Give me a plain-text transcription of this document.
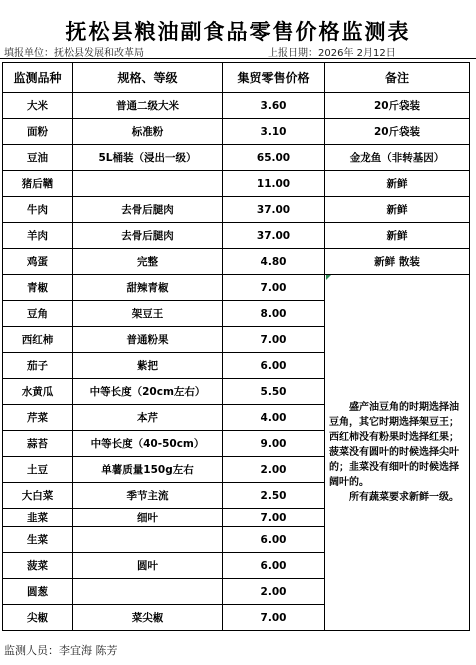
抚松县粮油副食品零售价格监测表
填报单位：抚松县发展和改革局	上报日期：2026年 2月12日
监测品种	规格、等级	集贸零售价格	备注
大米	普通二级大米	3.60	20斤袋装
面粉	标准粉	3.10	20斤袋装
豆油	5L桶装（浸出一级）	65.00	金龙鱼（非转基因）
猪后鞧		11.00	新鲜
牛肉	去骨后腿肉	37.00	新鲜
羊肉	去骨后腿肉	37.00	新鲜
鸡蛋	完整	4.80	新鲜 散装
青椒	甜辣青椒	7.00	盛产油豆角的时期选择油豆角，其它时期选择架豆王；西红柿没有粉果时选择红果；菠菜没有圆叶的时候选择尖叶的；韭菜没有细叶的时候选择阔叶的。

所有蔬菜要求新鲜一级。

豆角	架豆王	8.00	
西红柿	普通粉果	7.00	
茄子	紫把	6.00	
水黄瓜	中等长度（20cm左右）	5.50	
芹菜	本芹	4.00	
蒜苔	中等长度（40-50cm）	9.00	
土豆	单薯质量150g左右	2.00	
大白菜	季节主流	2.50	
韭菜	细叶	7.00	
生菜		6.00	
菠菜	圆叶	6.00	
圆葱		2.00	
尖椒	菜尖椒	7.00	
监测人员：李宜海 陈芳
